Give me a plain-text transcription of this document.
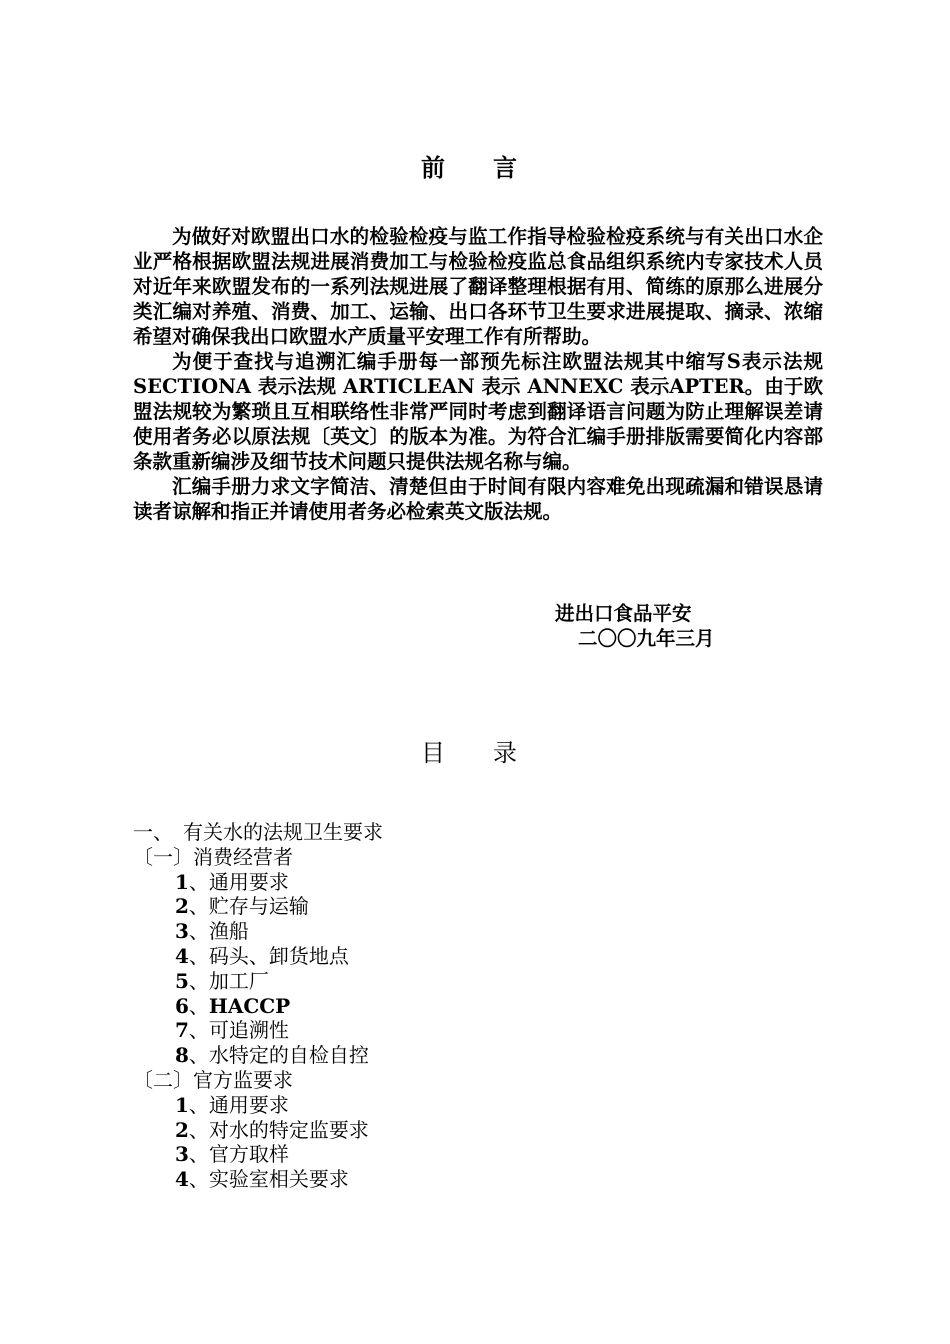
前　言

为做好对欧盟出口水的检验检疫与监工作指导检验检疫系统与有关出口水企业严格根据欧盟法规进展消费加工与检验检疫监总食品组织系统内专家技术人员对近年来欧盟发布的一系列法规进展了翻译整理根据有用、简练的原那么进展分类汇编对养殖、消费、加工、运输、出口各环节卫生要求进展提取、摘录、浓缩希望对确保我出口欧盟水产质量平安理工作有所帮助。

为便于查找与追溯汇编手册每一部预先标注欧盟法规其中缩写S表示法规 SECTIONA 表示法规 ARTICLEAN 表示 ANNEXC 表示APTER。由于欧盟法规较为繁琐且互相联络性非常严同时考虑到翻译语言问题为防止理解误差请使用者务必以原法规〔英文〕的版本为准。为符合汇编手册排版需要简化内容部条款重新编涉及细节技术问题只提供法规名称与编。

汇编手册力求文字简洁、清楚但由于时间有限内容难免出现疏漏和错误恳请读者谅解和指正并请使用者务必检索英文版法规。

进出口食品平安
二〇〇九年三月
目　录
一、　有关水的法规卫生要求
〔一〕消费经营者
1、通用要求
2、贮存与运输
3、渔船
4、码头、卸货地点
5、加工厂
6、HACCP
7、可追溯性
8、水特定的自检自控
〔二〕官方监要求
1、通用要求
2、对水的特定监要求
3、官方取样
4、实验室相关要求
